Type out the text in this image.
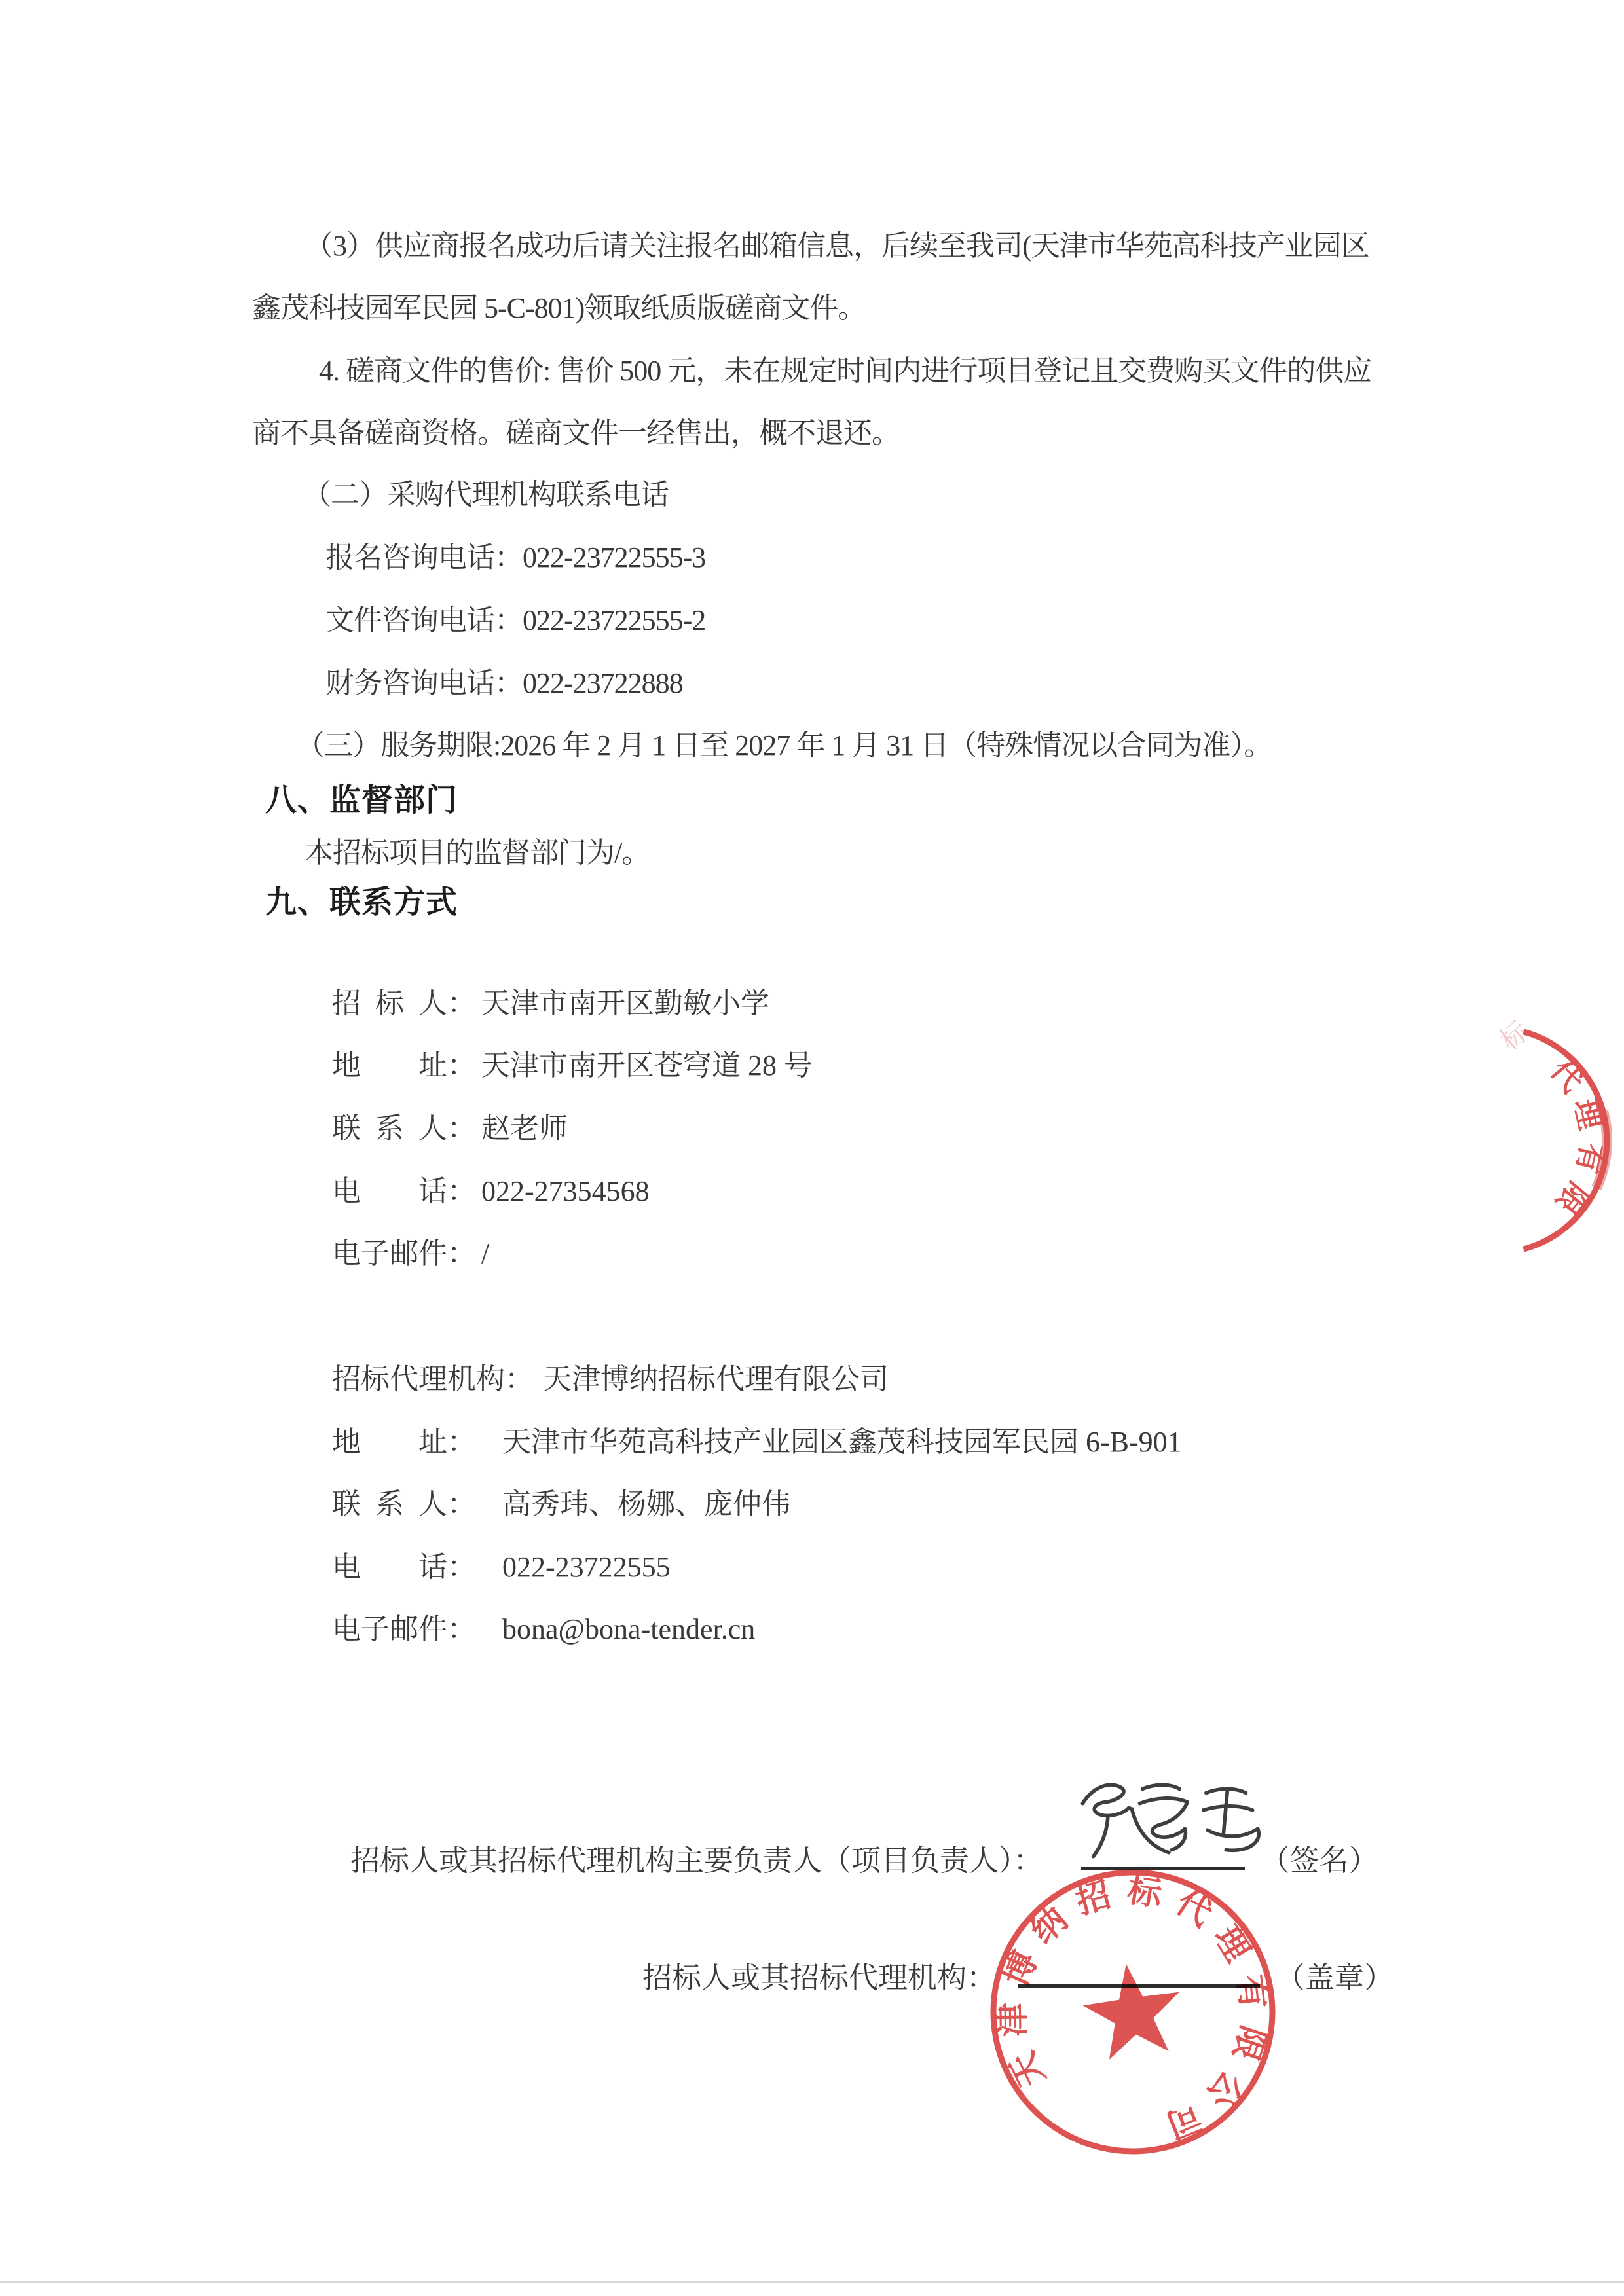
（3）供应商报名成功后请关注报名邮箱信息，后续至我司(天津市华苑高科技产业园区
鑫茂科技园军民园 5-C-801)领取纸质版磋商文件。
4. 磋商文件的售价: 售价 500 元，未在规定时间内进行项目登记且交费购买文件的供应
商不具备磋商资格。磋商文件一经售出，概不退还。
（二）采购代理机构联系电话
报名咨询电话：022-23722555-3
文件咨询电话：022-23722555-2
财务咨询电话：022-23722888
（三）服务期限:2026 年 2 月 1 日至 2027 年 1 月 31 日（特殊情况以合同为准）。
八、监督部门
本招标项目的监督部门为/。
九、联系方式

招 标 人： 天津市南开区勤敏小学

地　　址： 天津市南开区苍穹道 28 号

联 系 人： 赵老师

电　　话： 022-27354568

电子邮件： /

招标代理机构： 天津博纳招标代理有限公司

地　　址： 天津市华苑高科技产业园区鑫茂科技园军民园 6-B-901

联 系 人： 高秀玮、杨娜、庞仲伟

电　　话： 022-23722555

电子邮件： bona@bona-tender.cn

招标人或其招标代理机构主要负责人（项目负责人）：	（签名）

招标人或其招标代理机构：	（盖章）

天津博纳招标代理有限公司
代理有限
标
